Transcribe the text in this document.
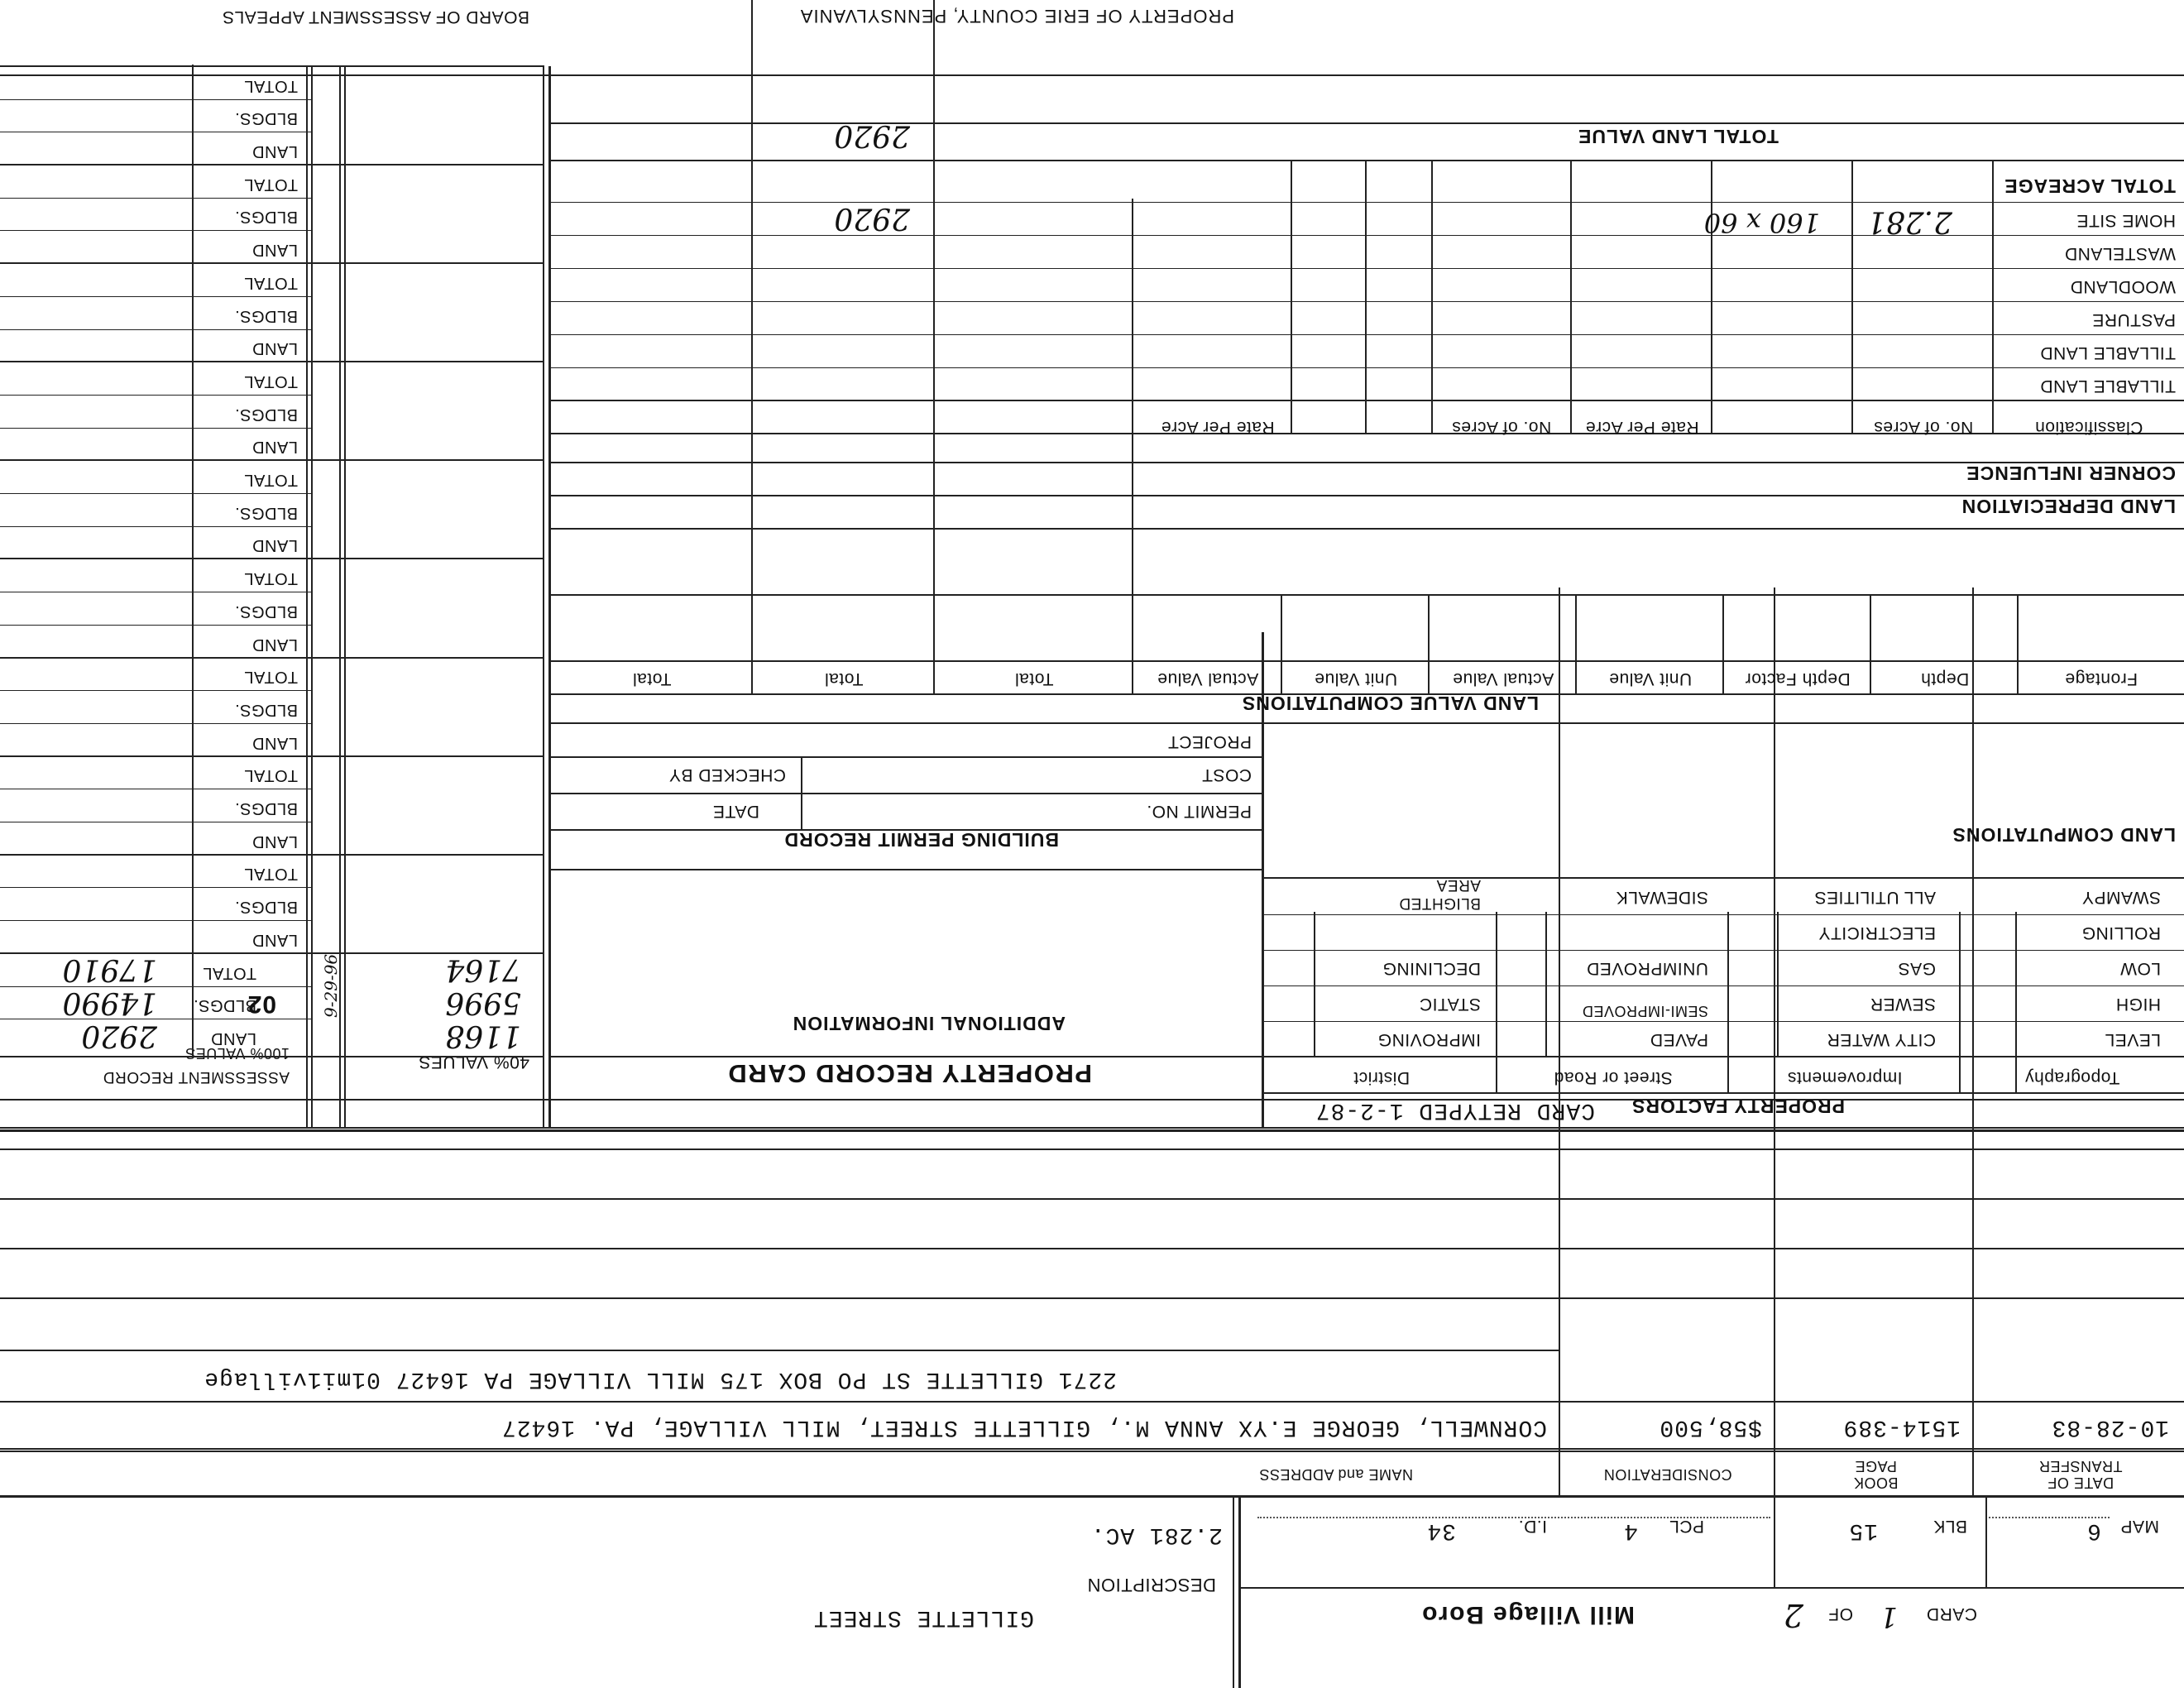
PROPERTY OF ERIE COUNTY, PENNSYLVANIA
BOARD OF ASSESSMENT APPEALS
DESCRIPTION
GILLETTE STREET	Mill Village Boro	CARD
1
OF
2
MAP
6
BLK
15
PCL
4
I.D.
34
2.281 AC.
DATE OF
TRANSFER
BOOK
PAGE
CONSIDERATION
NAME and ADDRESS
10-28-83
1514-389
$58,500
CORNWELL, GEORGE E.YX ANNA M., GILLETTE STREET, MILL VILLAGE, PA. 16427
2271 GILLETTE ST PO BOX 175 MILL VILLAGE PA 16427 01mi1village
PROPERTY FACTORS
CARD RETYPED 1-2-87
Topography
Improvements
Street or Road
District
LEVEL
HIGH
LOW
ROLLING
SWAMPY
CITY WATER
SEWER
GAS
ELECTRICITY
ALL UTILITIES
PAVED
SEMI-IMPROVED
UNIMPROVED
SIDEWALK
IMPROVING
STATIC
DECLINING
BLIGHTED AREA
LAND COMPUTATIONS
PROPERTY RECORD CARD
ADDITIONAL INFORMATION
BUILDING PERMIT RECORD
PERMIT NO.
DATE
COST
CHECKED BY
PROJECT
LAND VALUE COMPUTATIONS
Frontage
Depth
Depth Factor
Unit Value
Actual Value
Unit Value
Actual Value
Total
Total
Total
LAND DEPRECIATION
CORNER INFLUENCE
Classification
No. of Acres
Rate Per Acre
No. of Acres
Rate Per Acre
TILLABLE LAND
TILLABLE LAND
PASTURE
WOODLAND
WASTELAND
HOME SITE
2.281
160 x 60
2920
TOTAL ACREAGE
TOTAL LAND VALUE
2920
40% VALUES
100% VALUES
ASSESSMENT RECORD
1168
5996
7164
9-29-96
02
2920
14990
17910
LAND
BLDGS.
TOTAL
LAND
BLDGS.
TOTAL
LAND
BLDGS.
TOTAL
LAND
BLDGS.
TOTAL
LAND
BLDGS.
TOTAL
LAND
BLDGS.
TOTAL
LAND
BLDGS.
TOTAL
LAND
BLDGS.
TOTAL
LAND
BLDGS.
TOTAL
LAND
BLDGS.
TOTAL
